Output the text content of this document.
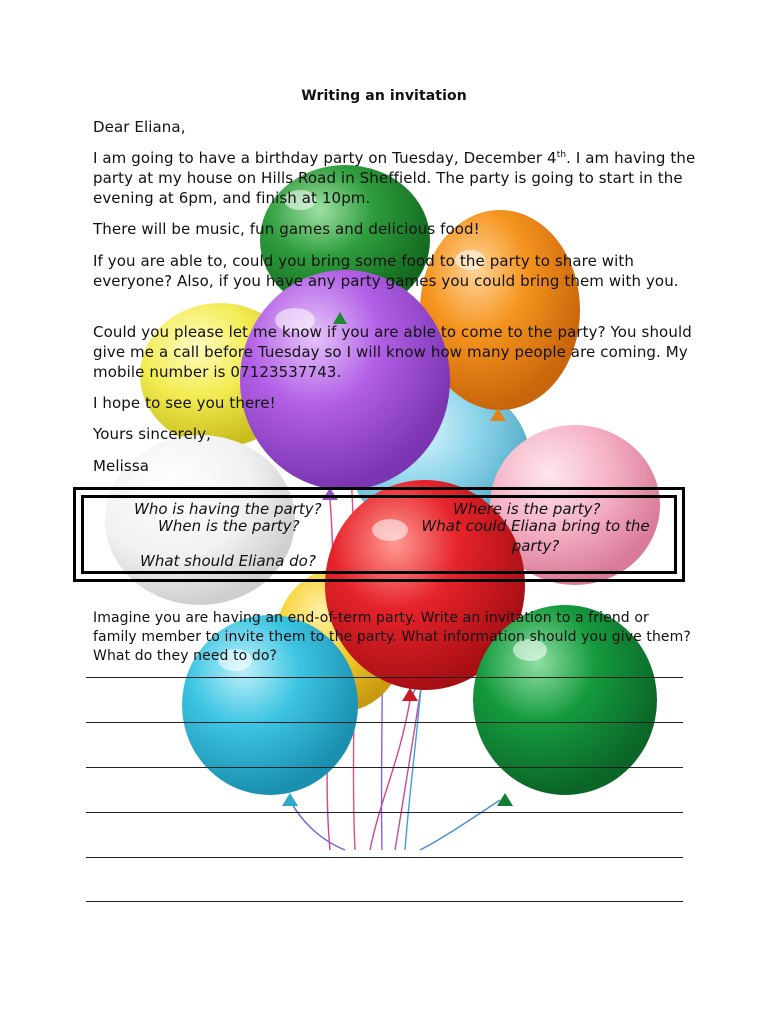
Writing an invitation
Dear Eliana,
I am going to have a birthday party on Tuesday, December 4th. I am having the party at my house on Hills Road in Sheffield. The party is going to start in the evening at 6pm, and finish at 10pm.
There will be music, fun games and delicious food!
If you are able to, could you bring some food to the party to share with everyone? Also, if you have any party games you could bring them with you.
Could you please let me know if you are able to come to the party? You should give me a call before Tuesday so I will know how many people are coming. My mobile number is 07123537743.
I hope to see you there!
Yours sincerely,
Melissa
Who is having the party?
When is the party?
What should Eliana do?
Where is the party?
What could Eliana bring to the party?
Imagine you are having an end-of-term party. Write an invitation to a friend or family member to invite them to the party. What information should you give them? What do they need to do?
